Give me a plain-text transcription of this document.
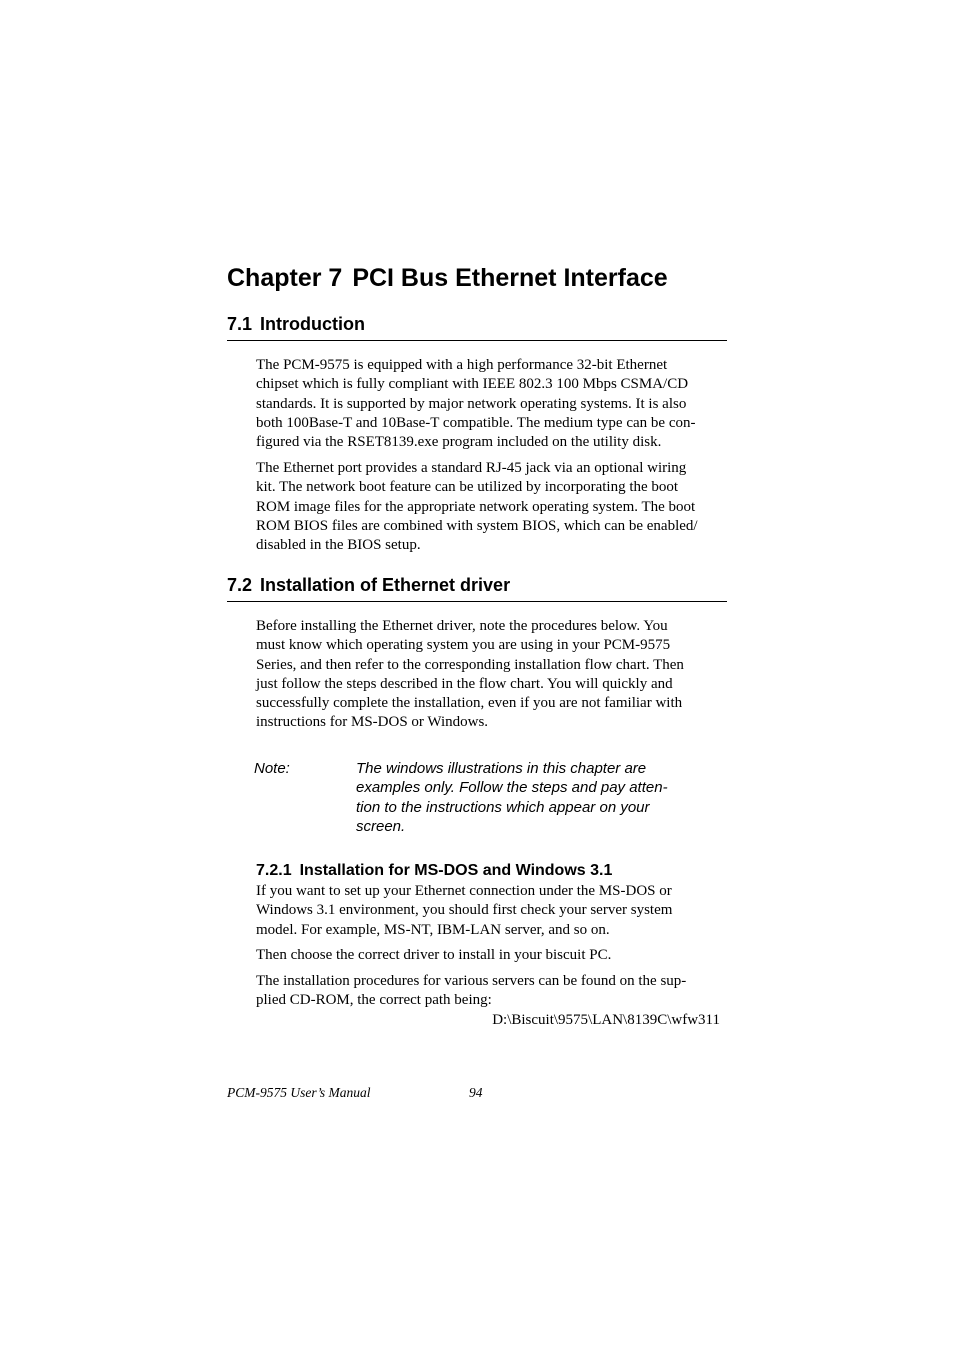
Chapter 7 PCI Bus Ethernet Interface
7.1 Introduction

The PCM-9575 is equipped with a high performance 32-bit Ethernet
chipset which is fully compliant with IEEE 802.3 100 Mbps CSMA/CD
standards. It is supported by major network operating systems. It is also
both 100Base-T and 10Base-T compatible. The medium type can be con-
figured via the RSET8139.exe program included on the utility disk.

The Ethernet port provides a standard RJ-45 jack via an optional wiring
kit. The network boot feature can be utilized by incorporating the boot
ROM image files for the appropriate network operating system. The boot
ROM BIOS files are combined with system BIOS, which can be enabled/
disabled in the BIOS setup.

7.2 Installation of Ethernet driver

Before installing the Ethernet driver, note the procedures below. You
must know which operating system you are using in your PCM-9575
Series, and then refer to the corresponding installation flow chart. Then
just follow the steps described in the flow chart. You will quickly and
successfully complete the installation, even if you are not familiar with
instructions for MS-DOS or Windows.

Note:	The windows illustrations in this chapter are
examples only. Follow the steps and pay atten-
tion to the instructions which appear on your
screen.

7.2.1 Installation for MS-DOS and Windows 3.1

If you want to set up your Ethernet connection under the MS-DOS or
Windows 3.1 environment, you should first check your server system
model. For example, MS-NT, IBM-LAN server, and so on.

Then choose the correct driver to install in your biscuit PC.

The installation procedures for various servers can be found on the sup-
plied CD-ROM, the correct path being:

D:\Biscuit\9575\LAN\8139C\wfw311

PCM-9575 User’s Manual	94
